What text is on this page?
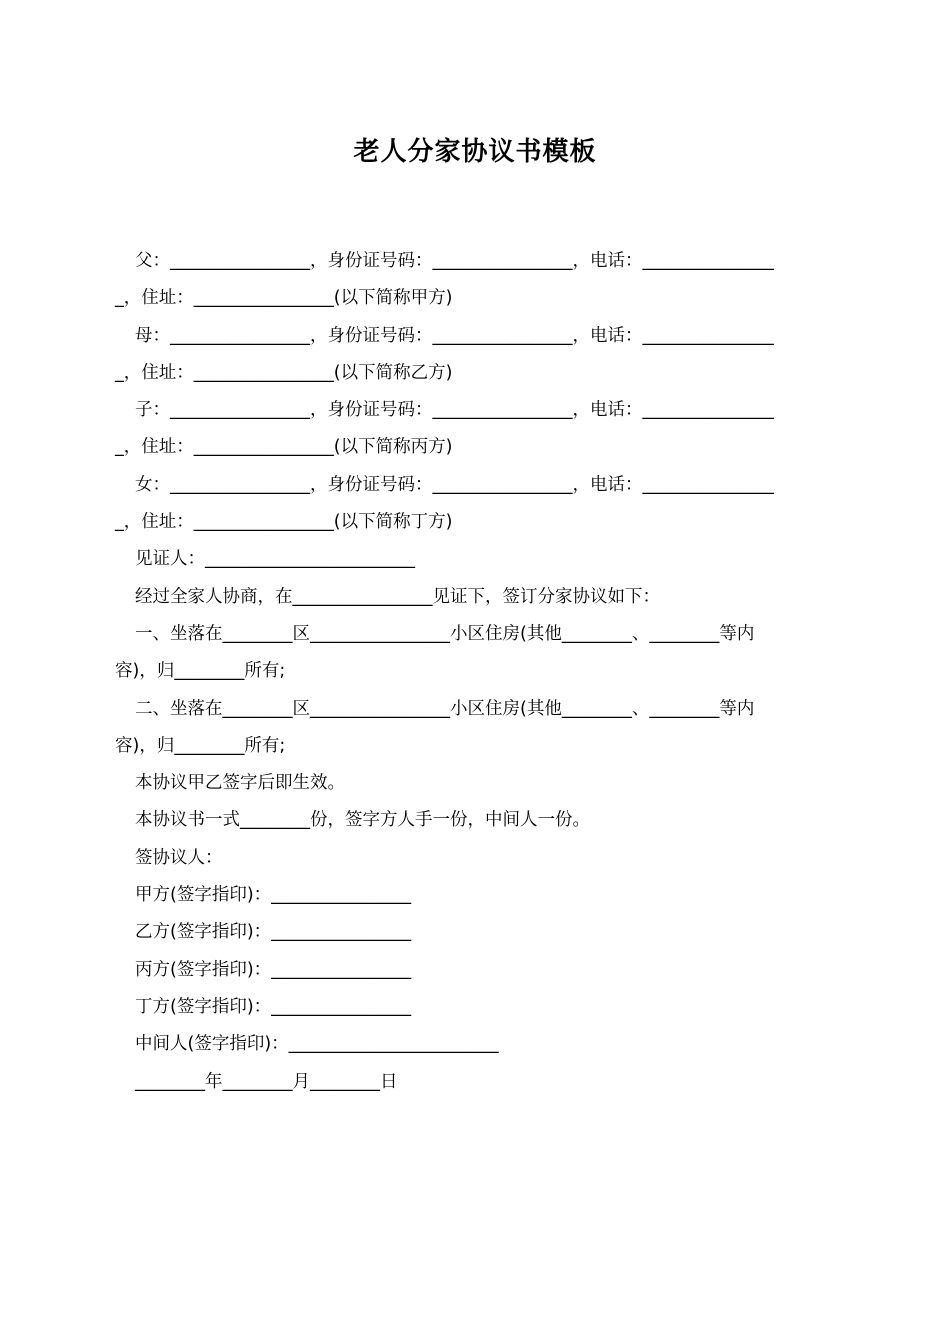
老人分家协议书模板
父：________________，身份证号码：________________，电话：_______________
_，住址：________________(以下简称甲方)
母：________________，身份证号码：________________，电话：_______________
_，住址：________________(以下简称乙方)
子：________________，身份证号码：________________，电话：_______________
_，住址：________________(以下简称丙方)
女：________________，身份证号码：________________，电话：_______________
_，住址：________________(以下简称丁方)
见证人：________________________
经过全家人协商，在________________见证下，签订分家协议如下：
一、坐落在________区________________小区住房(其他________、________等内
容)，归________所有;
二、坐落在________区________________小区住房(其他________、________等内
容)，归________所有;
本协议甲乙签字后即生效。
本协议书一式________份，签字方人手一份，中间人一份。
签协议人：
甲方(签字指印)：________________
乙方(签字指印)：________________
丙方(签字指印)：________________
丁方(签字指印)：________________
中间人(签字指印)：________________________
________年________月________日
